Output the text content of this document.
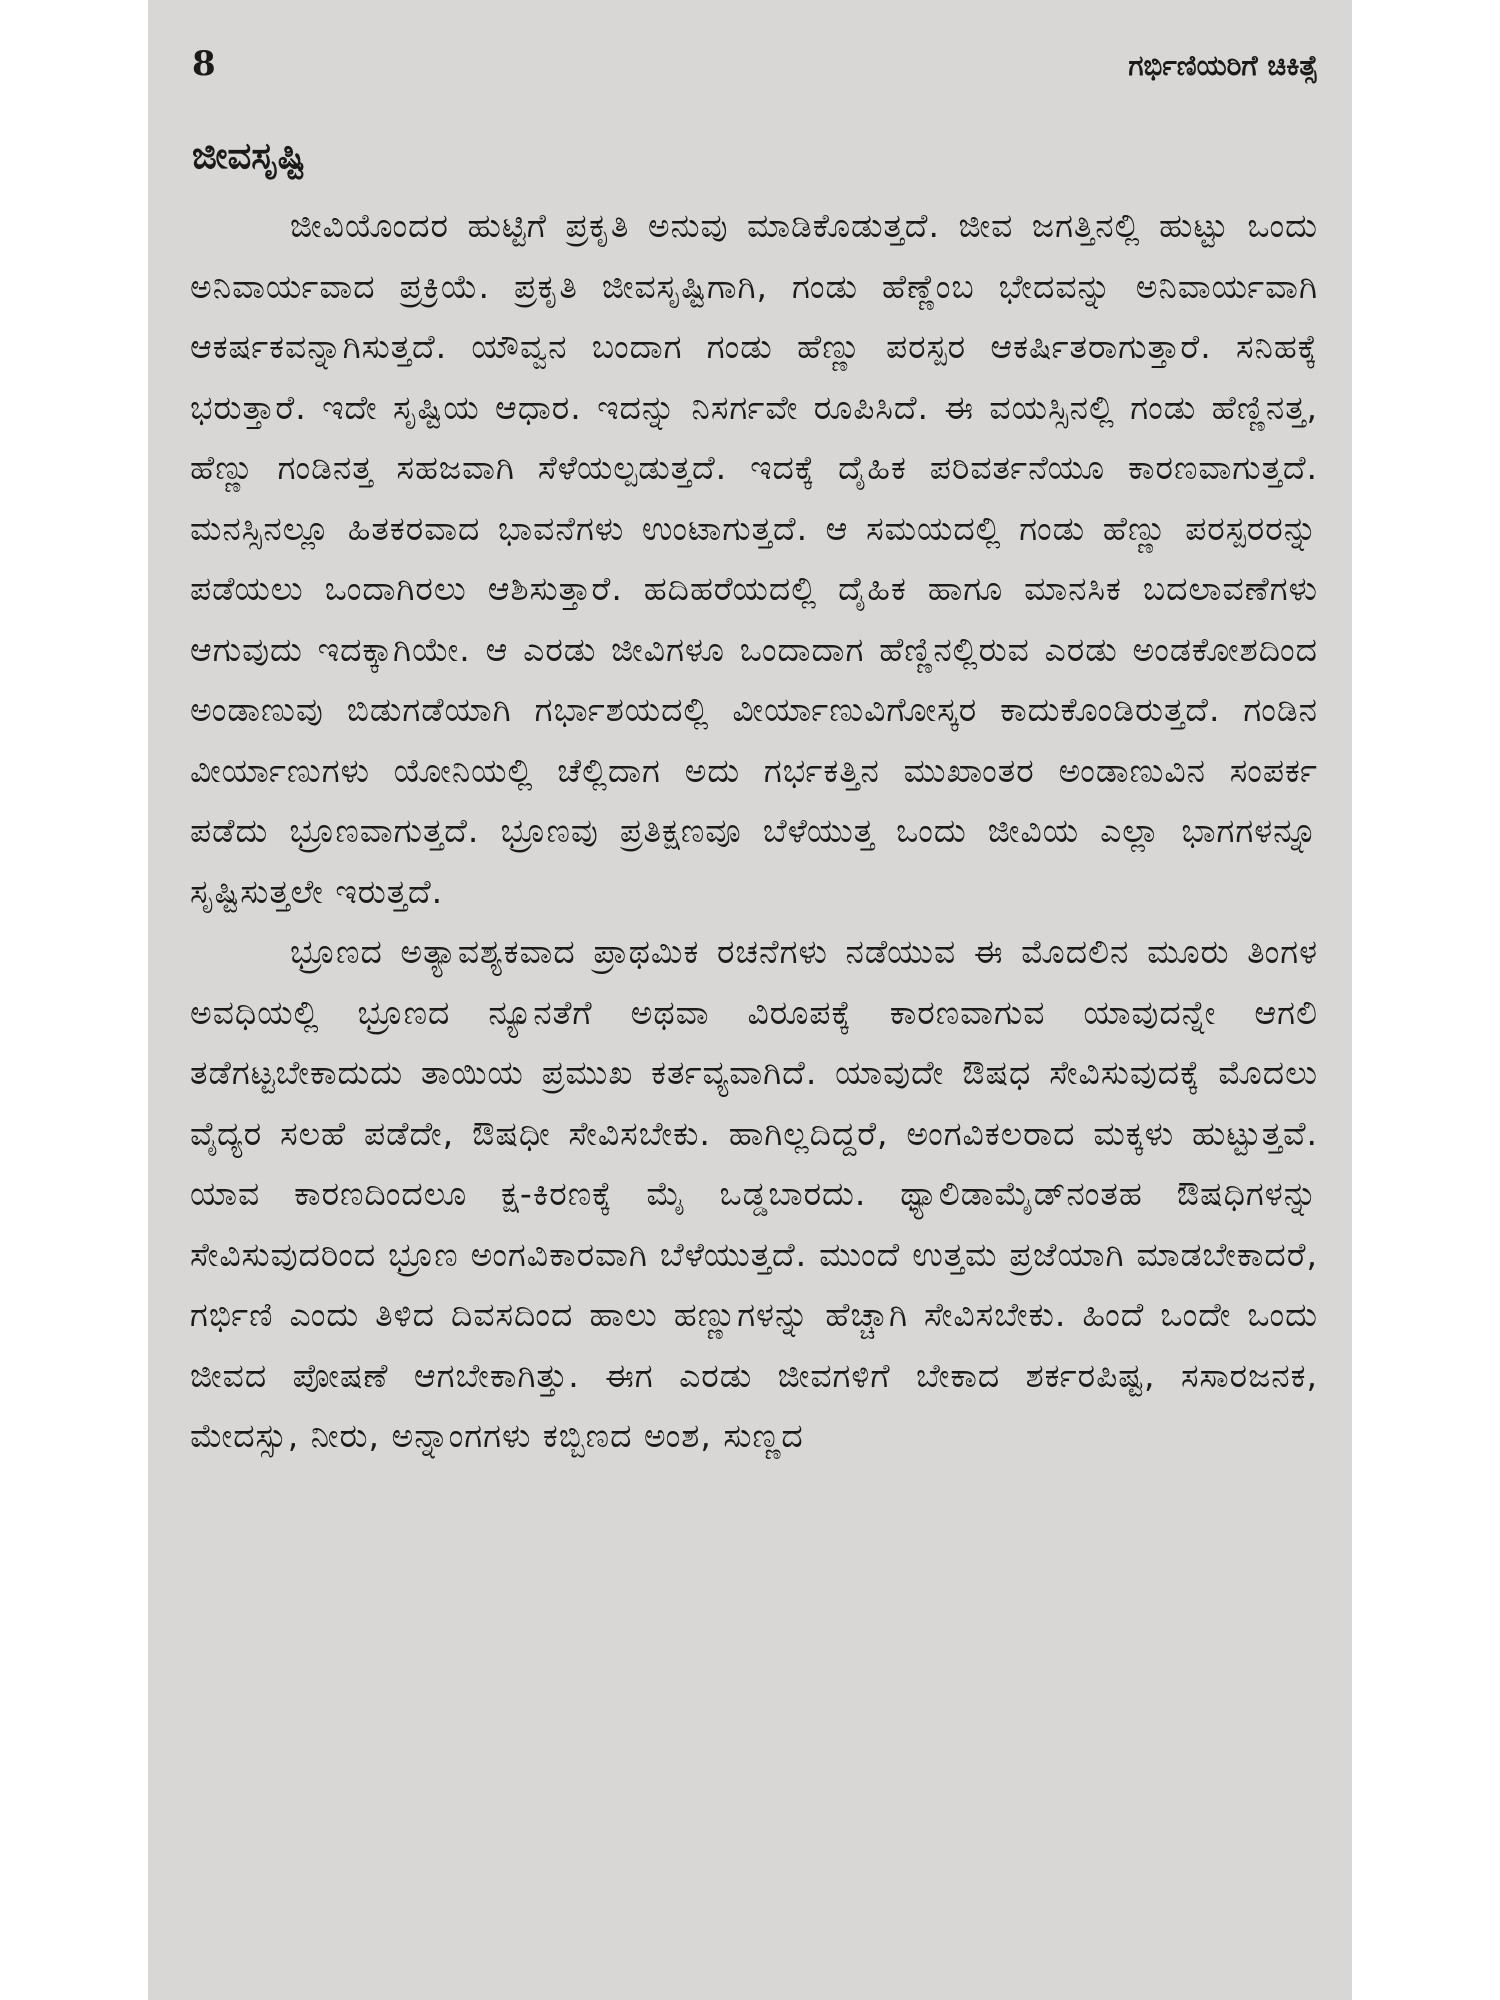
8	ಗರ್ಭಿಣಿಯರಿಗೆ ಚಿಕಿತ್ಸೆ
ಜೀವಸೃಷ್ಟಿ

ಜೀವಿಯೊಂದರ ಹುಟ್ಟಿಗೆ ಪ್ರಕೃತಿ ಅನುವು ಮಾಡಿಕೊಡುತ್ತದೆ. ಜೀವ ಜಗತ್ತಿನಲ್ಲಿ ಹುಟ್ಟು ಒಂದು ಅನಿವಾರ್ಯವಾದ ಪ್ರಕ್ರಿಯೆ. ಪ್ರಕೃತಿ ಜೀವಸೃಷ್ಟಿಗಾಗಿ, ಗಂಡು ಹೆಣ್ಣೆಂಬ ಭೇದವನ್ನು ಅನಿವಾರ್ಯವಾಗಿ ಆಕರ್ಷಕವನ್ನಾಗಿಸುತ್ತದೆ. ಯೌವ್ವನ ಬಂದಾಗ ಗಂಡು ಹೆಣ್ಣು ಪರಸ್ಪರ ಆಕರ್ಷಿತರಾಗುತ್ತಾರೆ. ಸನಿಹಕ್ಕೆ ಭರುತ್ತಾರೆ. ಇದೇ ಸೃಷ್ಟಿಯ ಆಧಾರ. ಇದನ್ನು ನಿಸರ್ಗವೇ ರೂಪಿಸಿದೆ. ಈ ವಯಸ್ಸಿನಲ್ಲಿ ಗಂಡು ಹೆಣ್ಣಿನತ್ತ, ಹೆಣ್ಣು ಗಂಡಿನತ್ತ ಸಹಜವಾಗಿ ಸೆಳೆಯಲ್ಪಡುತ್ತದೆ. ಇದಕ್ಕೆ ದೈಹಿಕ ಪರಿವರ್ತನೆಯೂ ಕಾರಣವಾಗುತ್ತದೆ. ಮನಸ್ಸಿನಲ್ಲೂ ಹಿತಕರವಾದ ಭಾವನೆಗಳು ಉಂಟಾಗುತ್ತದೆ. ಆ ಸಮಯದಲ್ಲಿ ಗಂಡು ಹೆಣ್ಣು ಪರಸ್ಪರರನ್ನು ಪಡೆಯಲು ಒಂದಾಗಿರಲು ಆಶಿಸುತ್ತಾರೆ. ಹದಿಹರೆಯದಲ್ಲಿ ದೈಹಿಕ ಹಾಗೂ ಮಾನಸಿಕ ಬದಲಾವಣೆಗಳು ಆಗುವುದು ಇದಕ್ಕಾಗಿಯೇ. ಆ ಎರಡು ಜೀವಿಗಳೂ ಒಂದಾದಾಗ ಹೆಣ್ಣಿನಲ್ಲಿರುವ ಎರಡು ಅಂಡಕೋಶದಿಂದ ಅಂಡಾಣುವು ಬಿಡುಗಡೆಯಾಗಿ ಗರ್ಭಾಶಯದಲ್ಲಿ ವೀರ್ಯಾಣುವಿಗೋಸ್ಕರ ಕಾದುಕೊಂಡಿರುತ್ತದೆ. ಗಂಡಿನ ವೀರ್ಯಾಣುಗಳು ಯೋನಿಯಲ್ಲಿ ಚೆಲ್ಲಿದಾಗ ಅದು ಗರ್ಭಕತ್ತಿನ ಮುಖಾಂತರ ಅಂಡಾಣುವಿನ ಸಂಪರ್ಕ ಪಡೆದು ಭ್ರೂಣವಾಗುತ್ತದೆ. ಭ್ರೂಣವು ಪ್ರತಿಕ್ಷಣವೂ ಬೆಳೆಯುತ್ತ ಒಂದು ಜೀವಿಯ ಎಲ್ಲಾ ಭಾಗಗಳನ್ನೂ ಸೃಷ್ಟಿಸುತ್ತಲೇ ಇರುತ್ತದೆ.

ಭ್ರೂಣದ ಅತ್ಯಾವಶ್ಯಕವಾದ ಪ್ರಾಥಮಿಕ ರಚನೆಗಳು ನಡೆಯುವ ಈ ಮೊದಲಿನ ಮೂರು ತಿಂಗಳ ಅವಧಿಯಲ್ಲಿ ಭ್ರೂಣದ ನ್ಯೂನತೆಗೆ ಅಥವಾ ವಿರೂಪಕ್ಕೆ ಕಾರಣವಾಗುವ ಯಾವುದನ್ನೇ ಆಗಲಿ ತಡೆಗಟ್ಟಬೇಕಾದುದು ತಾಯಿಯ ಪ್ರಮುಖ ಕರ್ತವ್ಯವಾಗಿದೆ. ಯಾವುದೇ ಔಷಧ ಸೇವಿಸುವುದಕ್ಕೆ ಮೊದಲು ವೈದ್ಯರ ಸಲಹೆ ಪಡೆದೇ, ಔಷಧೀ ಸೇವಿಸಬೇಕು. ಹಾಗಿಲ್ಲದಿದ್ದರೆ, ಅಂಗವಿಕಲರಾದ ಮಕ್ಕಳು ಹುಟ್ಟುತ್ತವೆ. ಯಾವ ಕಾರಣದಿಂದಲೂ ಕ್ಷ-ಕಿರಣಕ್ಕೆ ಮೈ ಒಡ್ಡಬಾರದು. ಥ್ಯಾಲಿಡಾಮೈಡ್‌ನಂತಹ ಔಷಧಿಗಳನ್ನು ಸೇವಿಸುವುದರಿಂದ ಭ್ರೂಣ ಅಂಗವಿಕಾರವಾಗಿ ಬೆಳೆಯುತ್ತದೆ. ಮುಂದೆ ಉತ್ತಮ ಪ್ರಜೆಯಾಗಿ ಮಾಡಬೇಕಾದರೆ, ಗರ್ಭಿಣಿ ಎಂದು ತಿಳಿದ ದಿವಸದಿಂದ ಹಾಲು ಹಣ್ಣುಗಳನ್ನು ಹೆಚ್ಚಾಗಿ ಸೇವಿಸಬೇಕು. ಹಿಂದೆ ಒಂದೇ ಒಂದು ಜೀವದ ಪೋಷಣೆ ಆಗಬೇಕಾಗಿತ್ತು. ಈಗ ಎರಡು ಜೀವಗಳಿಗೆ ಬೇಕಾದ ಶರ್ಕರಪಿಷ್ಟ, ಸಸಾರಜನಕ, ಮೇದಸ್ಸು, ನೀರು, ಅನ್ನಾಂಗಗಳು ಕಬ್ಬಿಣದ ಅಂಶ, ಸುಣ್ಣದ
